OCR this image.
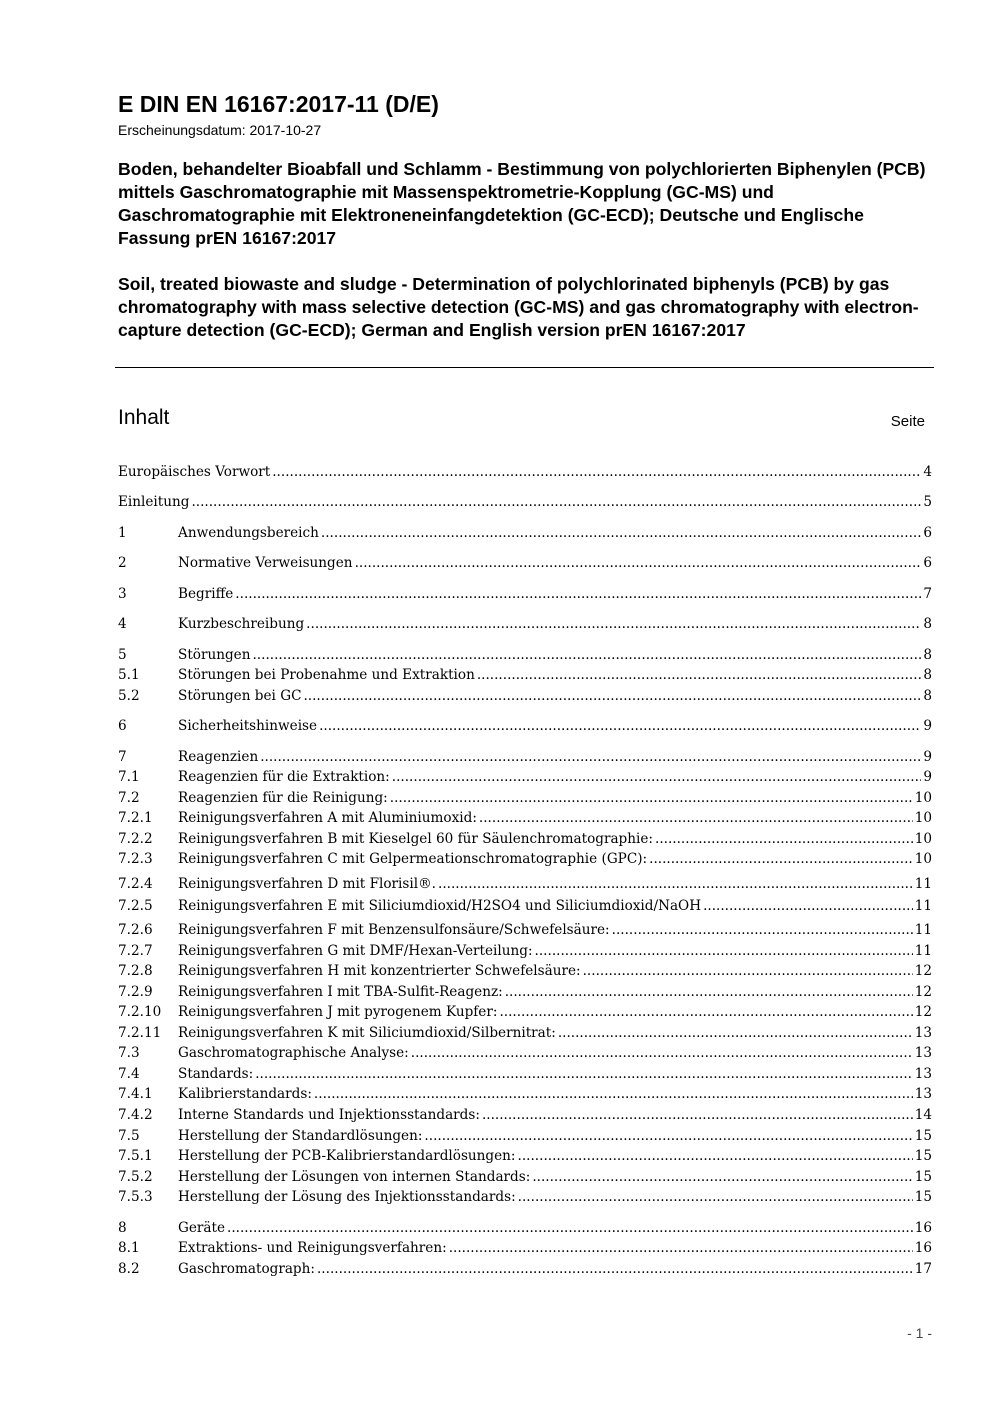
E DIN EN 16167:2017-11 (D/E)
Erscheinungsdatum: 2017-10-27
Boden, behandelter Bioabfall und Schlamm - Bestimmung von polychlorierten Biphenylen (PCB) mittels Gaschromatographie mit Massenspektrometrie-Kopplung (GC-MS) und Gaschromatographie mit Elektroneneinfangdetektion (GC-ECD); Deutsche und Englische Fassung prEN 16167:2017
Soil, treated biowaste and sludge - Determination of polychlorinated biphenyls (PCB) by gas chromatography with mass selective detection (GC-MS) and gas chromatography with electron-capture detection (GC-ECD); German and English version prEN 16167:2017
Inhalt	Seite
Europäisches Vorwort .....	4
Einleitung .....	5
1	Anwendungsbereich .....	6
2	Normative Verweisungen .....	6
3	Begriffe .....	7
4	Kurzbeschreibung .....	8
5	Störungen .....	8
5.1	Störungen bei Probenahme und Extraktion .....	8
5.2	Störungen bei GC .....	8
6	Sicherheitshinweise .....	9
7	Reagenzien .....	9
7.1	Reagenzien für die Extraktion: .....	9
7.2	Reagenzien für die Reinigung: .....	10
7.2.1	Reinigungsverfahren A mit Aluminiumoxid: .....	10
7.2.2	Reinigungsverfahren B mit Kieselgel 60 für Säulenchromatographie: .....	10
7.2.3	Reinigungsverfahren C mit Gelpermeationschromatographie (GPC): .....	10
7.2.4	Reinigungsverfahren D mit Florisil®. .....	11
7.2.5	Reinigungsverfahren E mit Siliciumdioxid/H2SO4 und Siliciumdioxid/NaOH .....	11
7.2.6	Reinigungsverfahren F mit Benzensulfonsäure/Schwefelsäure: .....	11
7.2.7	Reinigungsverfahren G mit DMF/Hexan-Verteilung: .....	11
7.2.8	Reinigungsverfahren H mit konzentrierter Schwefelsäure: .....	12
7.2.9	Reinigungsverfahren I mit TBA-Sulfit-Reagenz: .....	12
7.2.10	Reinigungsverfahren J mit pyrogenem Kupfer: .....	12
7.2.11	Reinigungsverfahren K mit Siliciumdioxid/Silbernitrat: .....	13
7.3	Gaschromatographische Analyse: .....	13
7.4	Standards: .....	13
7.4.1	Kalibrierstandards: .....	13
7.4.2	Interne Standards und Injektionsstandards: .....	14
7.5	Herstellung der Standardlösungen: .....	15
7.5.1	Herstellung der PCB-Kalibrierstandardlösungen: .....	15
7.5.2	Herstellung der Lösungen von internen Standards: .....	15
7.5.3	Herstellung der Lösung des Injektionsstandards: .....	15
8	Geräte .....	16
8.1	Extraktions- und Reinigungsverfahren: .....	16
8.2	Gaschromatograph: .....	17
- 1 -
